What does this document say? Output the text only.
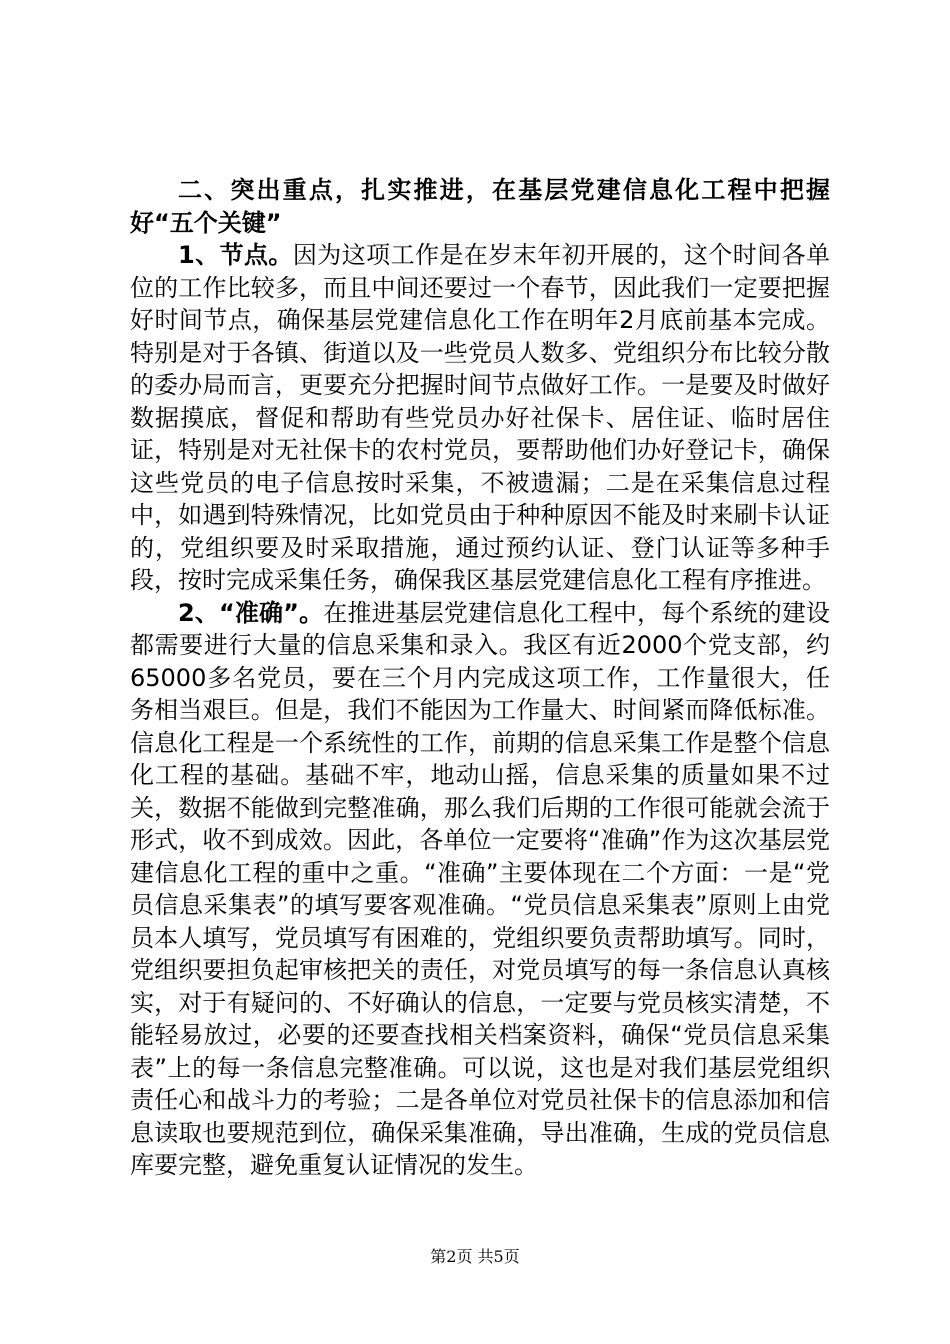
二、突出重点，扎实推进，在基层党建信息化工程中把握好“五个关键”

1、节点。因为这项工作是在岁末年初开展的，这个时间各单位的工作比较多，而且中间还要过一个春节，因此我们一定要把握好时间节点，确保基层党建信息化工作在明年2月底前基本完成。特别是对于各镇、街道以及一些党员人数多、党组织分布比较分散的委办局而言，更要充分把握时间节点做好工作。一是要及时做好数据摸底，督促和帮助有些党员办好社保卡、居住证、临时居住证，特别是对无社保卡的农村党员，要帮助他们办好登记卡，确保这些党员的电子信息按时采集，不被遗漏；二是在采集信息过程中，如遇到特殊情况，比如党员由于种种原因不能及时来刷卡认证的，党组织要及时采取措施，通过预约认证、登门认证等多种手段，按时完成采集任务，确保我区基层党建信息化工程有序推进。

2、“准确”。在推进基层党建信息化工程中，每个系统的建设都需要进行大量的信息采集和录入。我区有近2000个党支部，约65000多名党员，要在三个月内完成这项工作，工作量很大，任务相当艰巨。但是，我们不能因为工作量大、时间紧而降低标准。信息化工程是一个系统性的工作，前期的信息采集工作是整个信息化工程的基础。基础不牢，地动山摇，信息采集的质量如果不过关，数据不能做到完整准确，那么我们后期的工作很可能就会流于形式，收不到成效。因此，各单位一定要将“准确”作为这次基层党建信息化工程的重中之重。“准确”主要体现在二个方面：一是“党员信息采集表”的填写要客观准确。“党员信息采集表”原则上由党员本人填写，党员填写有困难的，党组织要负责帮助填写。同时，党组织要担负起审核把关的责任，对党员填写的每一条信息认真核实，对于有疑问的、不好确认的信息，一定要与党员核实清楚，不能轻易放过，必要的还要查找相关档案资料，确保“党员信息采集表”上的每一条信息完整准确。可以说，这也是对我们基层党组织责任心和战斗力的考验；二是各单位对党员社保卡的信息添加和信息读取也要规范到位，确保采集准确，导出准确，生成的党员信息库要完整，避免重复认证情况的发生。

第2页 共5页
